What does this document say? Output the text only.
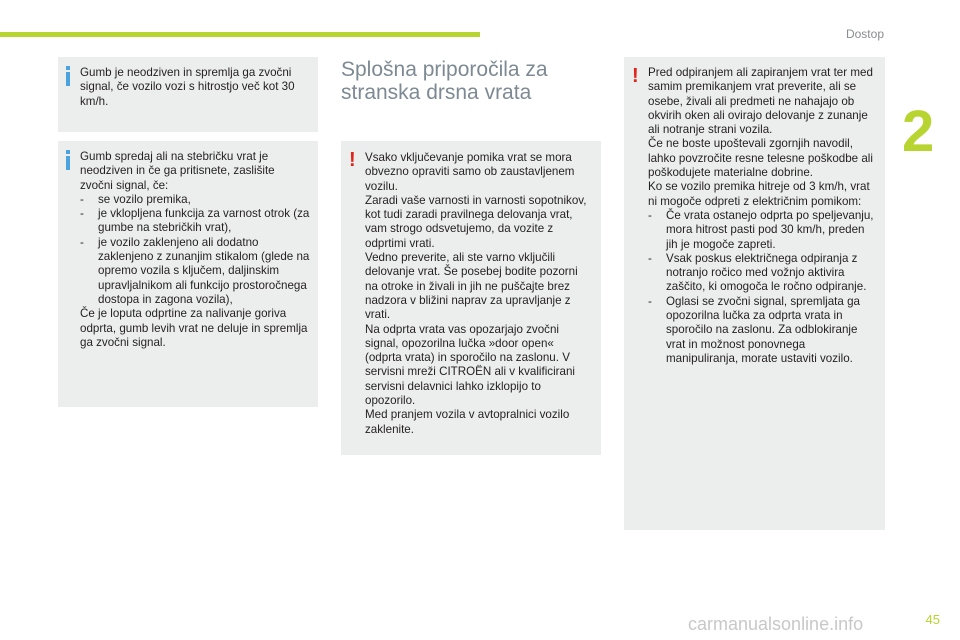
Dostop
2
Gumb je neodziven in spremlja ga zvočni signal, če vozilo vozi s hitrostjo več kot 30 km/h.
Gumb spredaj ali na stebričku vrat je neodziven in če ga pritisnete, zaslišite zvočni signal, če:
- se vozilo premika,
- je vklopljena funkcija za varnost otrok (za gumbe na stebričkih vrat),
- je vozilo zaklenjeno ali dodatno zaklenjeno z zunanjim stikalom (glede na opremo vozila s ključem, daljinskim upravljalnikom ali funkcijo prostoročnega dostopa in zagona vozila),
Če je loputa odprtine za nalivanje goriva odprta, gumb levih vrat ne deluje in spremlja ga zvočni signal.
Splošna priporočila za stranska drsna vrata
! Vsako vključevanje pomika vrat se mora obvezno opraviti samo ob zaustavljenem vozilu.
Zaradi vaše varnosti in varnosti sopotnikov, kot tudi zaradi pravilnega delovanja vrat, vam strogo odsvetujemo, da vozite z odprtimi vrati.
Vedno preverite, ali ste varno vključili delovanje vrat. Še posebej bodite pozorni na otroke in živali in jih ne puščajte brez nadzora v bližini naprav za upravljanje z vrati.
Na odprta vrata vas opozarjajo zvočni signal, opozorilna lučka »door open« (odprta vrata) in sporočilo na zaslonu. V servisni mreži CITROËN ali v kvalificirani servisni delavnici lahko izklopijo to opozorilo.
Med pranjem vozila v avtopralnici vozilo zaklenite.
! Pred odpiranjem ali zapiranjem vrat ter med samim premikanjem vrat preverite, ali se osebe, živali ali predmeti ne nahajajo ob okvirih oken ali ovirajo delovanje z zunanje ali notranje strani vozila.
Če ne boste upoštevali zgornjih navodil, lahko povzročite resne telesne poškodbe ali poškodujete materialne dobrine.
Ko se vozilo premika hitreje od 3 km/h, vrat ni mogoče odpreti z električnim pomikom:
- Če vrata ostanejo odprta po speljevanju, mora hitrost pasti pod 30 km/h, preden jih je mogoče zapreti.
- Vsak poskus električnega odpiranja z notranjo ročico med vožnjo aktivira zaščito, ki omogoča le ročno odpiranje.
- Oglasi se zvočni signal, spremljata ga opozorilna lučka za odprta vrata in sporočilo na zaslonu. Za odblokiranje vrat in možnost ponovnega manipuliranja, morate ustaviti vozilo.
carmanualsonline.info	45
